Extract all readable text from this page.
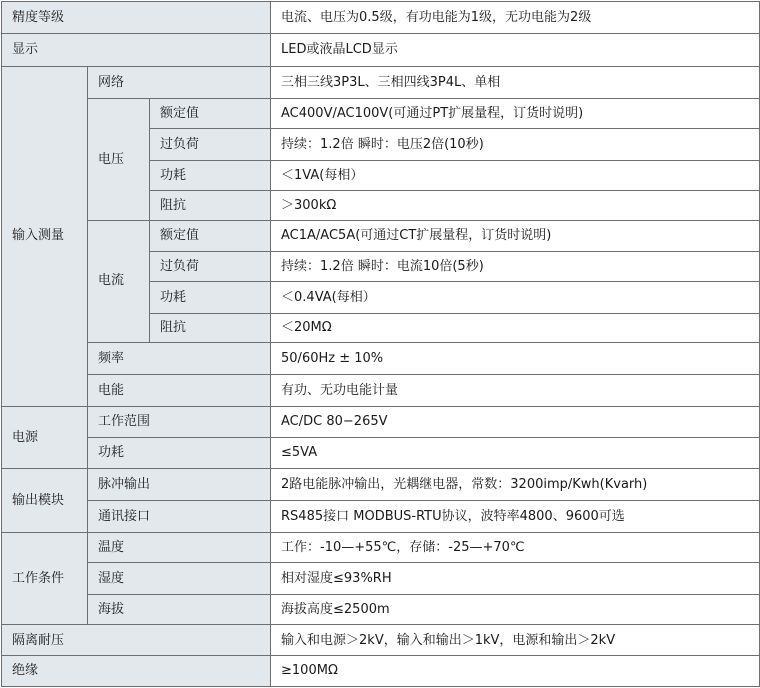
精度等级			电流、电压为0.5级，有功电能为1级，无功电能为2级
显示			LED或液晶LCD显示
输入测量	网络		三相三线3P3L、三相四线3P4L、单相
	电压	额定值	AC400V/AC100V(可通过PT扩展量程，订货时说明)
		过负荷	持续：1.2倍 瞬时：电压2倍(10秒)
		功耗	＜1VA(每相）
		阻抗	＞300kΩ
	电流	额定值	AC1A/AC5A(可通过CT扩展量程，订货时说明)
		过负荷	持续：1.2倍 瞬时：电流10倍(5秒)
		功耗	＜0.4VA(每相）
		阻抗	＜20MΩ
	频率		50/60Hz ± 10%
	电能		有功、无功电能计量
电源	工作范围		AC/DC 80−265V
	功耗		≤5VA
输出模块	脉冲输出		2路电能脉冲输出，光耦继电器，常数：3200imp/Kwh(Kvarh)
	通讯接口		RS485接口 MODBUS-RTU协议，波特率4800、9600可选
工作条件	温度		工作：-10—+55℃，存储：-25—+70℃
	湿度		相对湿度≤93%RH
	海拔		海拔高度≤2500m
隔离耐压			输入和电源＞2kV，输入和输出＞1kV，电源和输出＞2kV
绝缘			≥100MΩ
